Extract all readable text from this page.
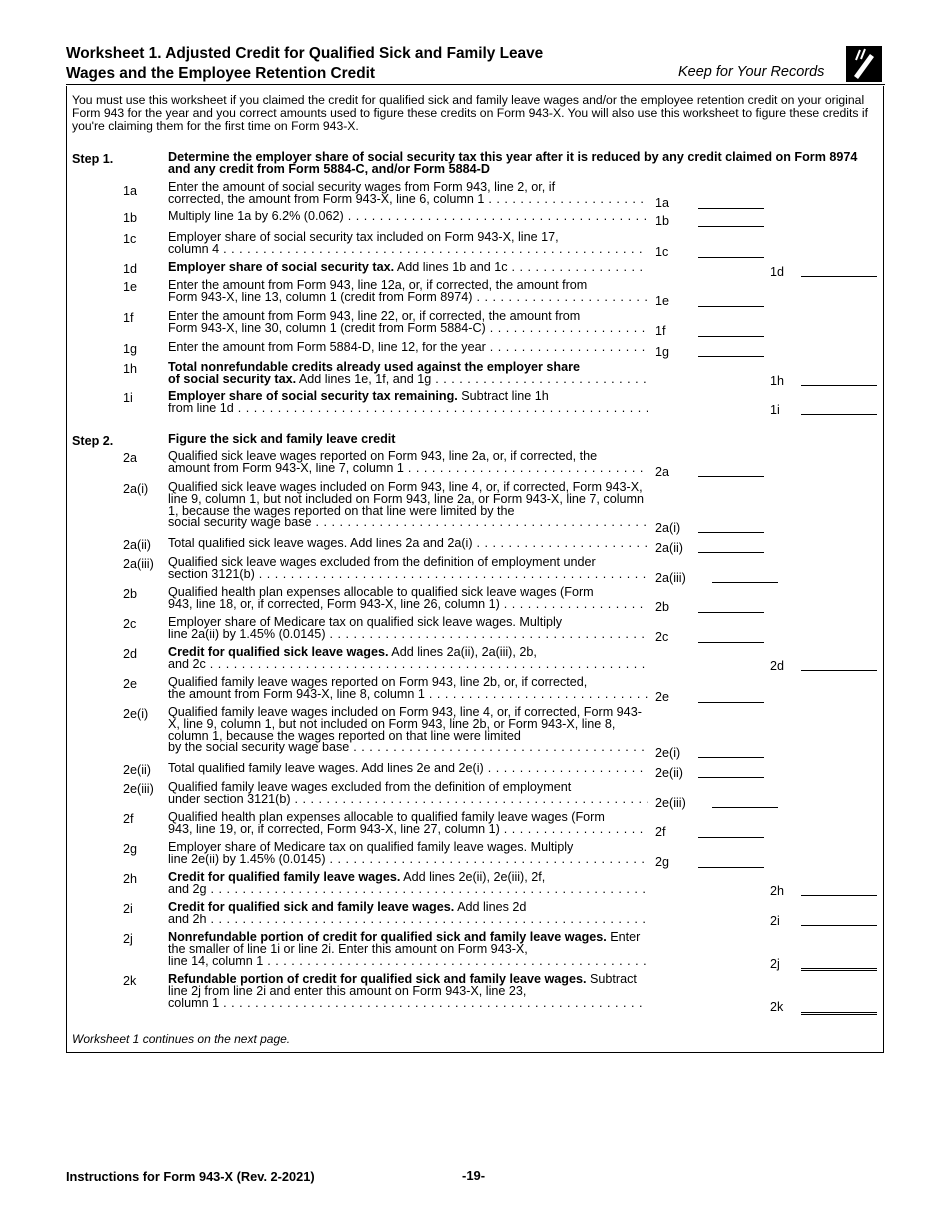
Worksheet 1. Adjusted Credit for Qualified Sick and Family Leave
Wages and the Employee Retention Credit	Keep for Your Records
You must use this worksheet if you claimed the credit for qualified sick and family leave wages and/or the employee retention credit on your original Form 943 for the year and you correct amounts used to figure these credits on Form 943-X. You will also use this worksheet to figure these credits if you're claiming them for the first time on Form 943-X.
Step 1.	Determine the employer share of social security tax this year after it is reduced by any credit claimed on Form 8974 and any credit from Form 5884-C, and/or Form 5884-D
1a Enter the amount of social security wages from Form 943, line 2, or, if
corrected, the amount from Form 943-X, line 6, column 1 . . .	1a
1b Multiply line 1a by 6.2% (0.062) . . .	1b
1c	Employer share of social security tax included on Form 943-X, line 17,
column 4 . . .	1c
1d Employer share of social security tax. Add lines 1b and 1c . . .	1d
1e Enter the amount from Form 943, line 12a, or, if corrected, the amount from
Form 943-X, line 13, column 1 (credit from Form 8974) . . .	1e
1f	Enter the amount from Form 943, line 22, or, if corrected, the amount from
Form 943-X, line 30, column 1 (credit from Form 5884-C) . . .	1f
1g Enter the amount from Form 5884-D, line 12, for the year . . .	1g
1h Total nonrefundable credits already used against the employer share
of social security tax. Add lines 1e, 1f, and 1g . . .	1h
1i	Employer share of social security tax remaining. Subtract line 1h
from line 1d . . .	1i
Step 2.	Figure the sick and family leave credit
2a Qualified sick leave wages reported on Form 943, line 2a, or, if corrected, the
amount from Form 943-X, line 7, column 1 . . .	2a
2a(i) Qualified sick leave wages included on Form 943, line 4, or, if corrected, Form 943-X, line 9, column 1, but not included on Form 943, line 2a, or Form 943-X, line 7, column 1, because the wages reported on that line were limited by the
social security wage base . . .	2a(i)
2a(ii) Total qualified sick leave wages. Add lines 2a and 2a(i) . . .	2a(ii)
2a(iii) Qualified sick leave wages excluded from the definition of employment under
section 3121(b) . . .	2a(iii)
2b Qualified health plan expenses allocable to qualified sick leave wages (Form
943, line 18, or, if corrected, Form 943-X, line 26, column 1) . . .	2b
2c	Employer share of Medicare tax on qualified sick leave wages. Multiply
line 2a(ii) by 1.45% (0.0145) . . .	2c
2d Credit for qualified sick leave wages. Add lines 2a(ii), 2a(iii), 2b,
and 2c . . .	2d
2e Qualified family leave wages reported on Form 943, line 2b, or, if corrected,
the amount from Form 943-X, line 8, column 1 . . .	2e
2e(i) Qualified family leave wages included on Form 943, line 4, or, if corrected, Form 943-X, line 9, column 1, but not included on Form 943, line 2b, or Form 943-X, line 8, column 1, because the wages reported on that line were limited
by the social security wage base . . .	2e(i)
2e(ii) Total qualified family leave wages. Add lines 2e and 2e(i) . . .	2e(ii)
2e(iii) Qualified family leave wages excluded from the definition of employment
under section 3121(b) . . .	2e(iii)
2f	Qualified health plan expenses allocable to qualified family leave wages (Form
943, line 19, or, if corrected, Form 943-X, line 27, column 1) . . .	2f
2g Employer share of Medicare tax on qualified family leave wages. Multiply
line 2e(ii) by 1.45% (0.0145) . . .	2g
2h Credit for qualified family leave wages. Add lines 2e(ii), 2e(iii), 2f,
and 2g . . .	2h
2i	Credit for qualified sick and family leave wages. Add lines 2d
and 2h . . .	2i
2j	Nonrefundable portion of credit for qualified sick and family leave wages. Enter the smaller of line 1i or line 2i. Enter this amount on Form 943-X,
line 14, column 1 . . .	2j
2k	Refundable portion of credit for qualified sick and family leave wages. Subtract line 2j from line 2i and enter this amount on Form 943-X, line 23,
column 1 . . .	2k
Worksheet 1 continues on the next page.
Instructions for Form 943-X (Rev. 2-2021)	-19-
